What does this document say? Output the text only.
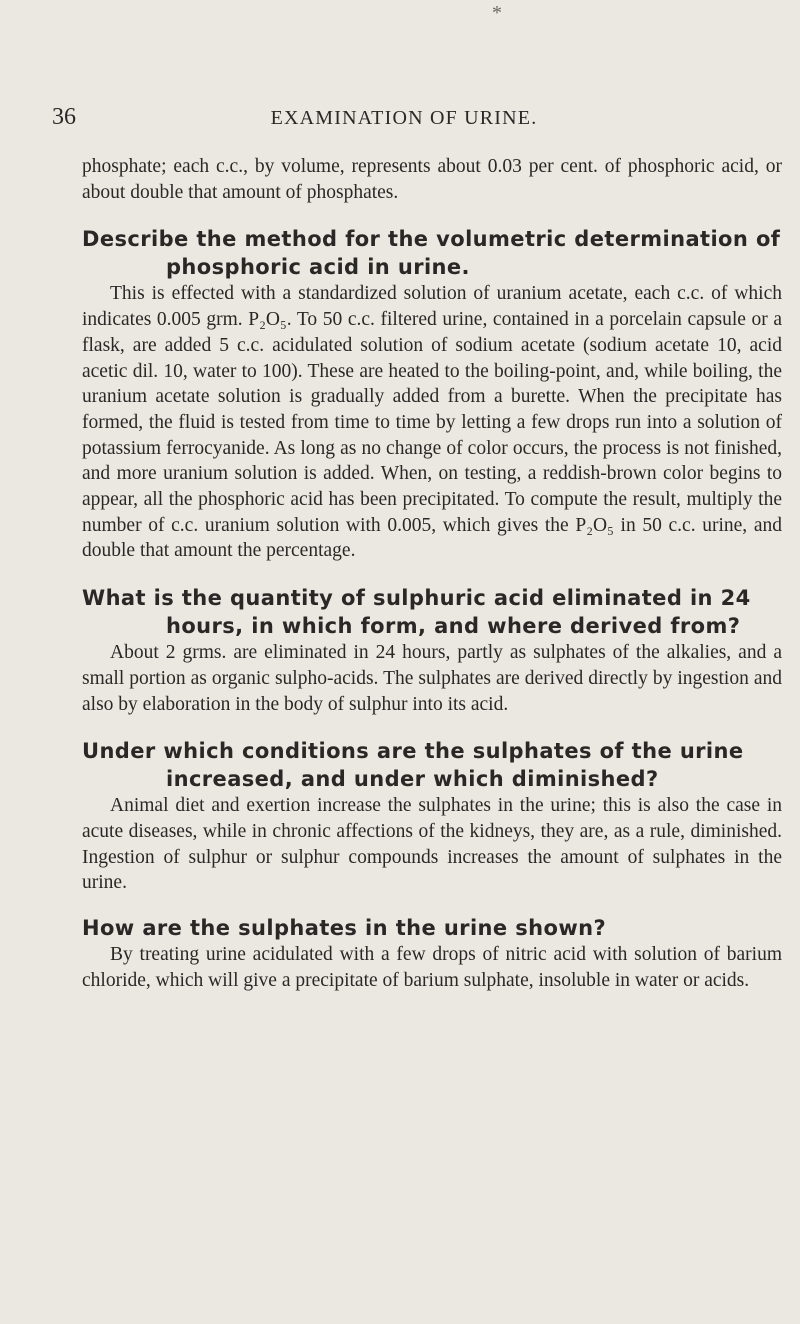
*
36	EXAMINATION OF URINE.

phosphate; each c.c., by volume, represents about 0.03 per cent. of phosphoric acid, or about double that amount of phosphates.

Describe the method for the volumetric determination of phosphoric acid in urine.

This is effected with a standardized solution of uranium acetate, each c.c. of which indicates 0.005 grm. P₂O₅. To 50 c.c. filtered urine, contained in a porcelain capsule or a flask, are added 5 c.c. acidulated solution of sodium acetate (sodium acetate 10, acid acetic dil. 10, water to 100). These are heated to the boiling-point, and, while boiling, the uranium acetate solution is gradually added from a burette. When the precipitate has formed, the fluid is tested from time to time by letting a few drops run into a solution of potassium ferrocyanide. As long as no change of color occurs, the process is not finished, and more uranium solution is added. When, on testing, a reddish-brown color begins to appear, all the phosphoric acid has been precipitated. To compute the result, multiply the number of c.c. uranium solution with 0.005, which gives the P₂O₅ in 50 c.c. urine, and double that amount the percentage.

What is the quantity of sulphuric acid eliminated in 24 hours, in which form, and where derived from?

About 2 grms. are eliminated in 24 hours, partly as sulphates of the alkalies, and a small portion as organic sulpho-acids. The sulphates are derived directly by ingestion and also by elaboration in the body of sulphur into its acid.

Under which conditions are the sulphates of the urine increased, and under which diminished?

Animal diet and exertion increase the sulphates in the urine; this is also the case in acute diseases, while in chronic affections of the kidneys, they are, as a rule, diminished. Ingestion of sulphur or sulphur compounds increases the amount of sulphates in the urine.

How are the sulphates in the urine shown?

By treating urine acidulated with a few drops of nitric acid with solution of barium chloride, which will give a precipitate of barium sulphate, insoluble in water or acids.
